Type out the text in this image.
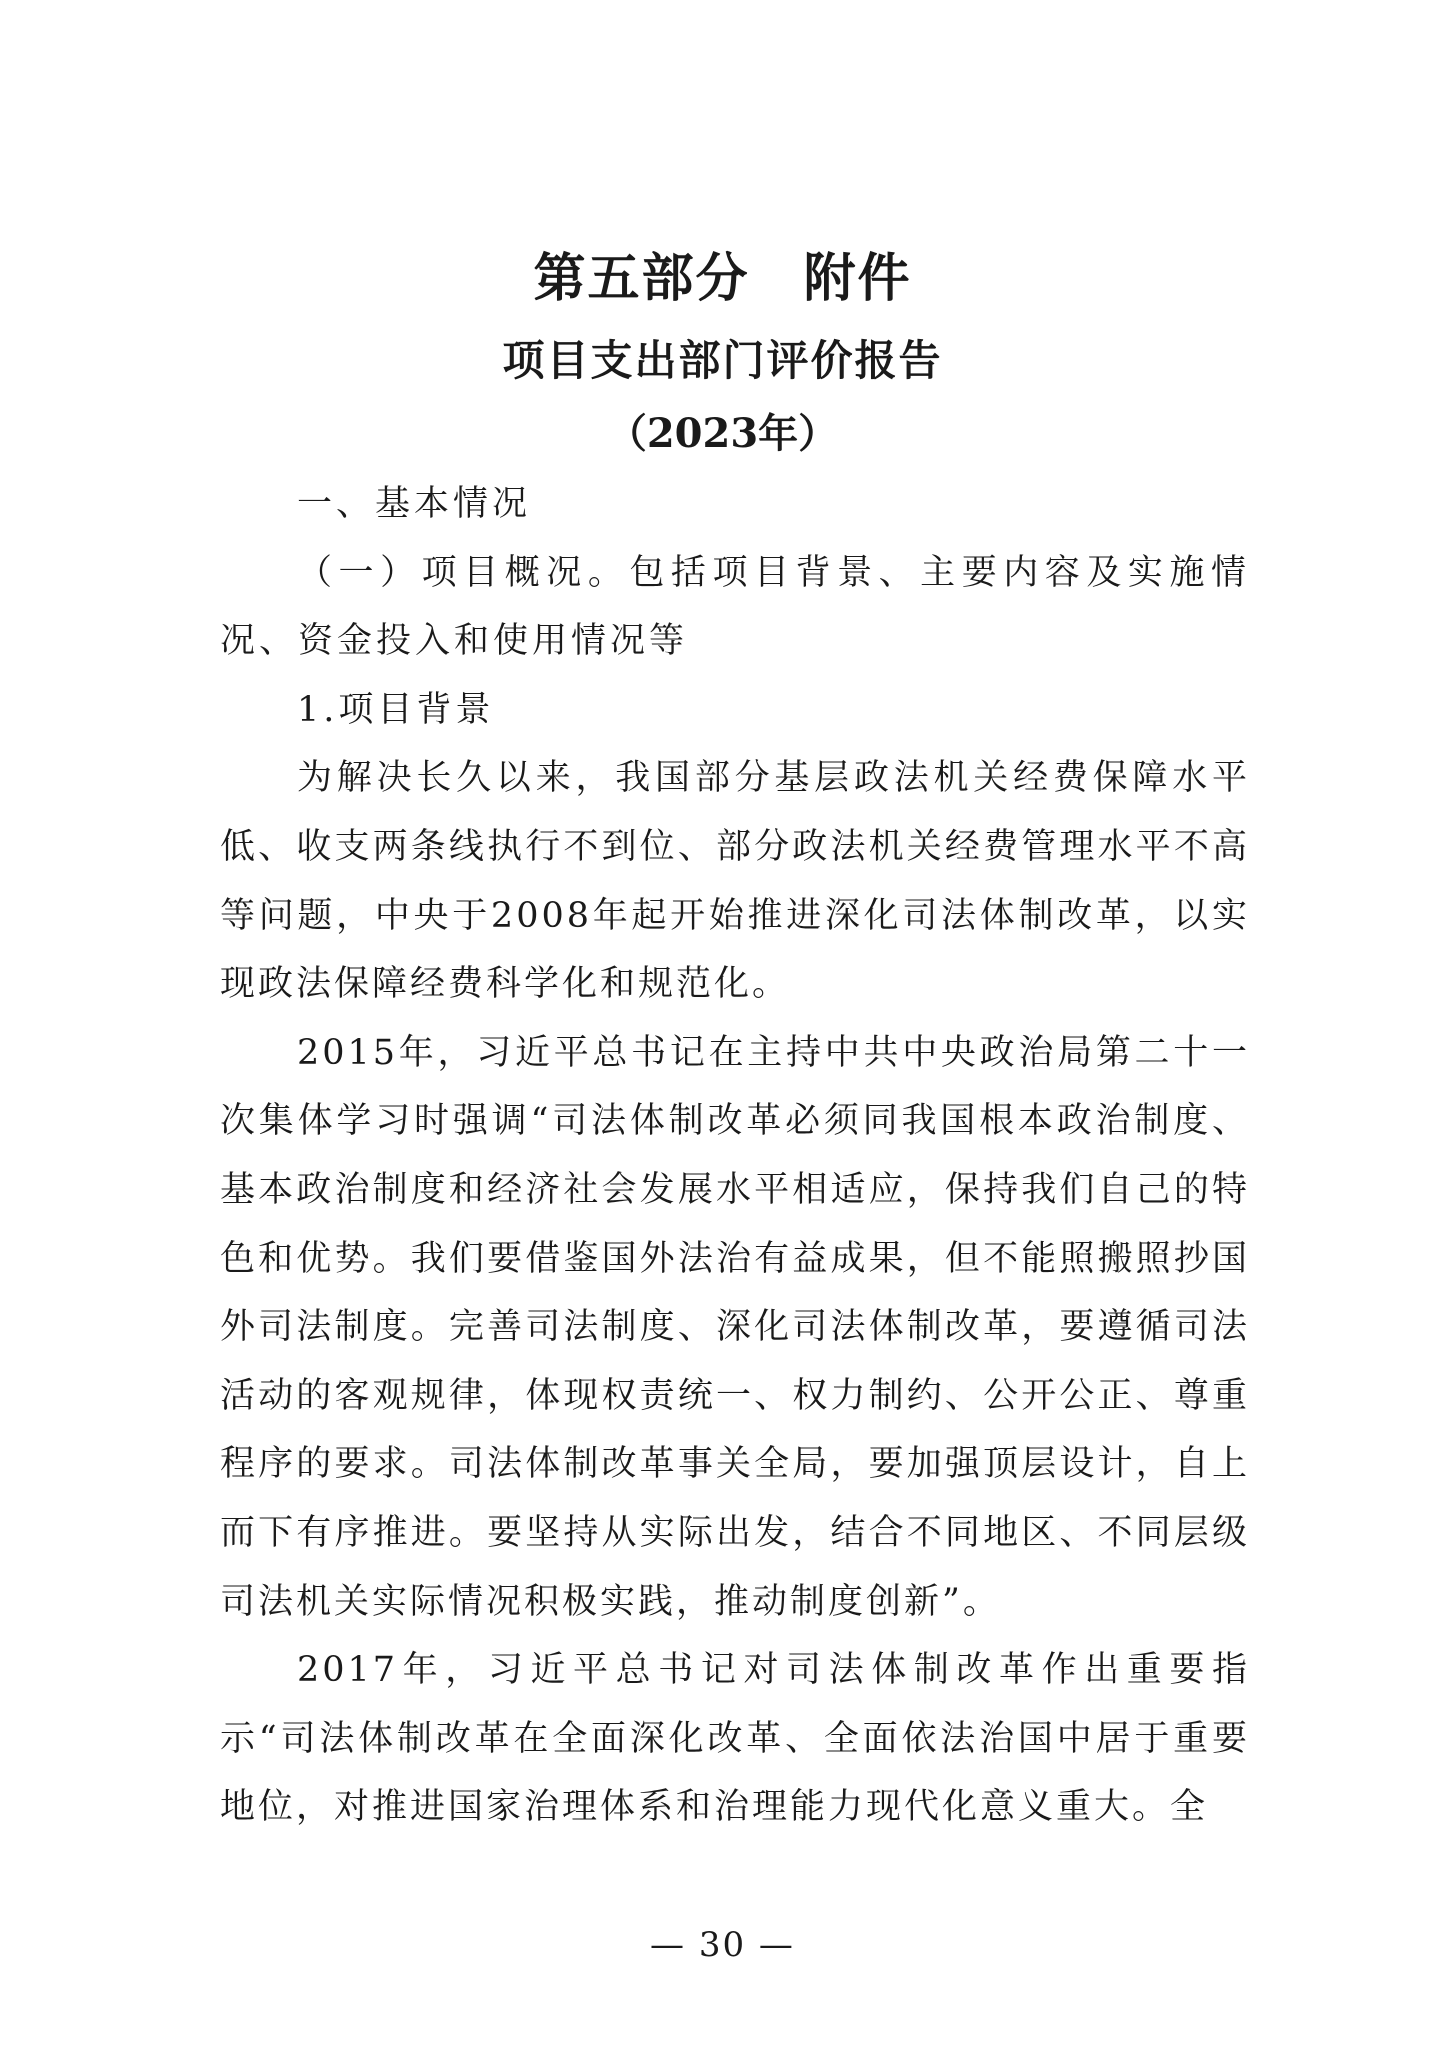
第五部分　附件
项目支出部门评价报告
（2023年）

一、基本情况

（一）项目概况。包括项目背景、主要内容及实施情况、资金投入和使用情况等

1.项目背景

为解决长久以来，我国部分基层政法机关经费保障水平低、收支两条线执行不到位、部分政法机关经费管理水平不高等问题，中央于2008年起开始推进深化司法体制改革，以实现政法保障经费科学化和规范化。

2015年，习近平总书记在主持中共中央政治局第二十一次集体学习时强调“司法体制改革必须同我国根本政治制度、基本政治制度和经济社会发展水平相适应，保持我们自己的特色和优势。我们要借鉴国外法治有益成果，但不能照搬照抄国外司法制度。完善司法制度、深化司法体制改革，要遵循司法活动的客观规律，体现权责统一、权力制约、公开公正、尊重程序的要求。司法体制改革事关全局，要加强顶层设计，自上而下有序推进。要坚持从实际出发，结合不同地区、不同层级司法机关实际情况积极实践，推动制度创新”。

2017年，习近平总书记对司法体制改革作出重要指示“司法体制改革在全面深化改革、全面依法治国中居于重要地位，对推进国家治理体系和治理能力现代化意义重大。全

— 30 —
